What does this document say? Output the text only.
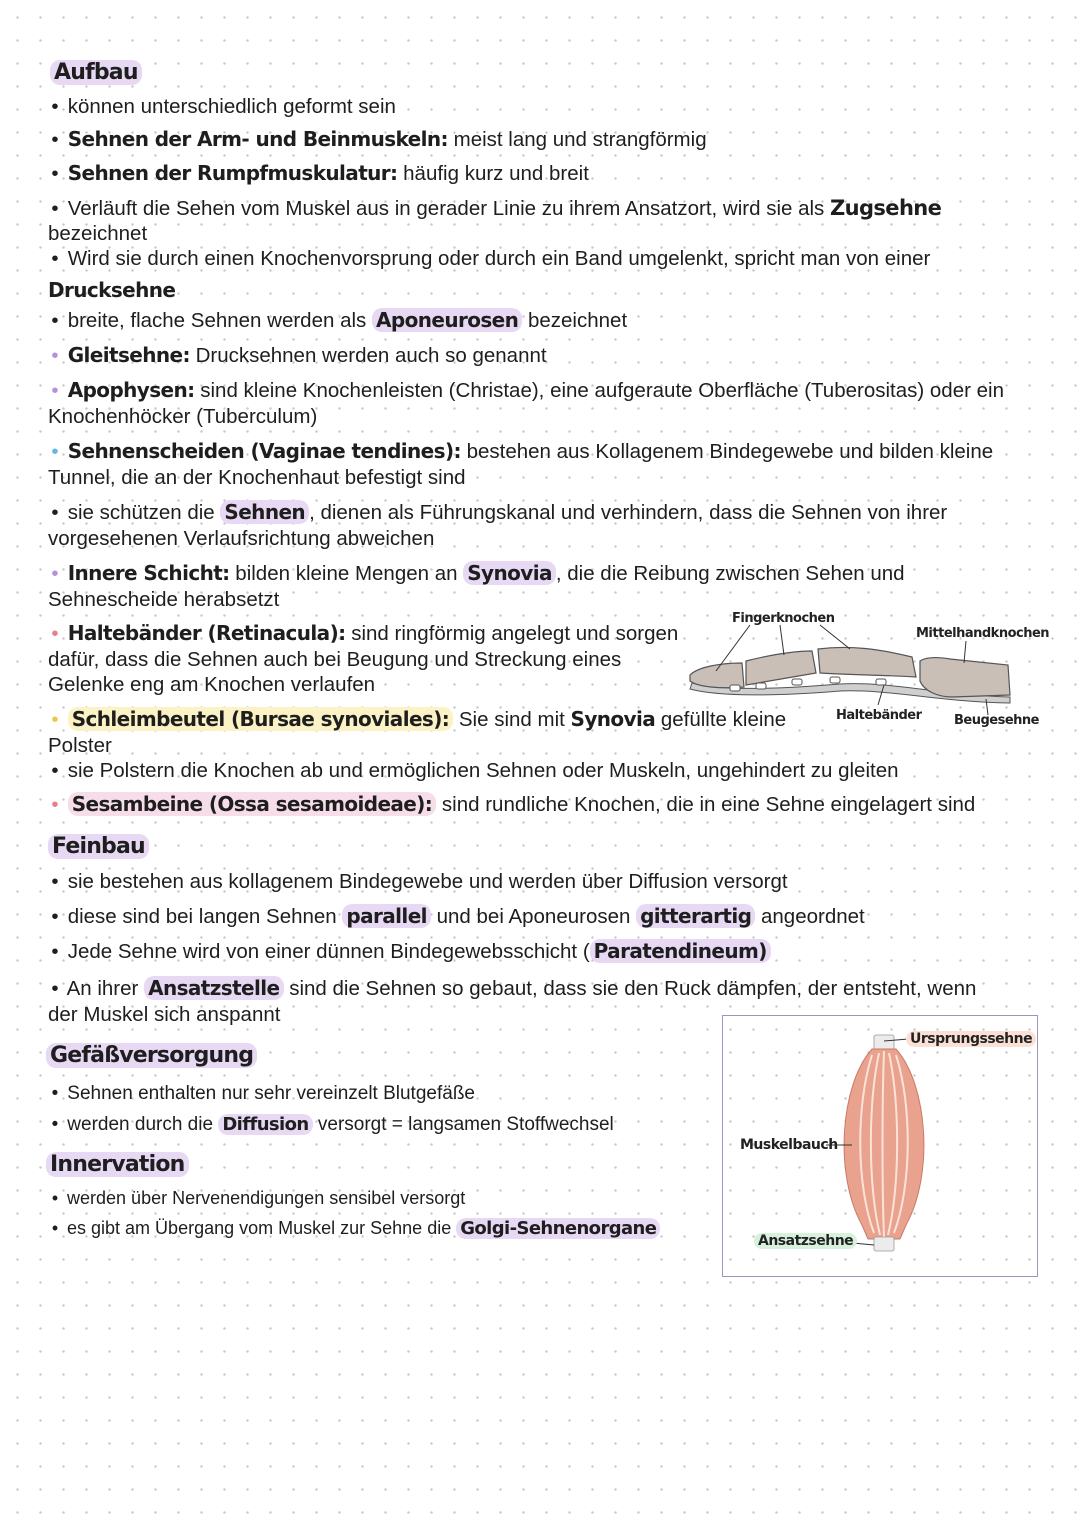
Aufbau
• können unterschiedlich geformt sein
• Sehnen der Arm- und Beinmuskeln: meist lang und strangförmig
• Sehnen der Rumpfmuskulatur: häufig kurz und breit
• Verläuft die Sehen vom Muskel aus in gerader Linie zu ihrem Ansatzort, wird sie als Zugsehne
bezeichnet
• Wird sie durch einen Knochenvorsprung oder durch ein Band umgelenkt, spricht man von einer
Drucksehne
• breite, flache Sehnen werden als Aponeurosen bezeichnet
• Gleitsehne: Drucksehnen werden auch so genannt
• Apophysen: sind kleine Knochenleisten (Christae), eine aufgeraute Oberfläche (Tuberositas) oder ein
Knochenhöcker (Tuberculum)
• Sehnenscheiden (Vaginae tendines): bestehen aus Kollagenem Bindegewebe und bilden kleine
Tunnel, die an der Knochenhaut befestigt sind
• sie schützen die Sehnen , dienen als Führungskanal und verhindern, dass die Sehnen von ihrer
vorgesehenen Verlaufsrichtung abweichen
• Innere Schicht: bilden kleine Mengen an Synovia , die die Reibung zwischen Sehen und
Sehnescheide herabsetzt
• Haltebänder (Retinacula): sind ringförmig angelegt und sorgen
dafür, dass die Sehnen auch bei Beugung und Streckung eines
Gelenke eng am Knochen verlaufen
• Schleimbeutel (Bursae synoviales): Sie sind mit Synovia gefüllte kleine
Polster
• sie Polstern die Knochen ab und ermöglichen Sehnen oder Muskeln, ungehindert zu gleiten
• Sesambeine (Ossa sesamoideae): sind rundliche Knochen, die in eine Sehne eingelagert sind
Feinbau
• sie bestehen aus kollagenem Bindegewebe und werden über Diffusion versorgt
• diese sind bei langen Sehnen parallel und bei Aponeurosen gitterartig angeordnet
• Jede Sehne wird von einer dünnen Bindegewebsschicht ( Paratendineum)
• An ihrer Ansatzstelle sind die Sehnen so gebaut, dass sie den Ruck dämpfen, der entsteht, wenn
der Muskel sich anspannt
Gefäßversorgung
• Sehnen enthalten nur sehr vereinzelt Blutgefäße
• werden durch die Diffusion versorgt = langsamen Stoffwechsel
Innervation
• werden über Nervenendigungen sensibel versorgt
• es gibt am Übergang vom Muskel zur Sehne die Golgi-Sehnenorgane
Fingerknochen
Mittelhandknochen
Haltebänder Beugesehne
Ursprungssehne
Muskelbauch
Ansatzsehne
